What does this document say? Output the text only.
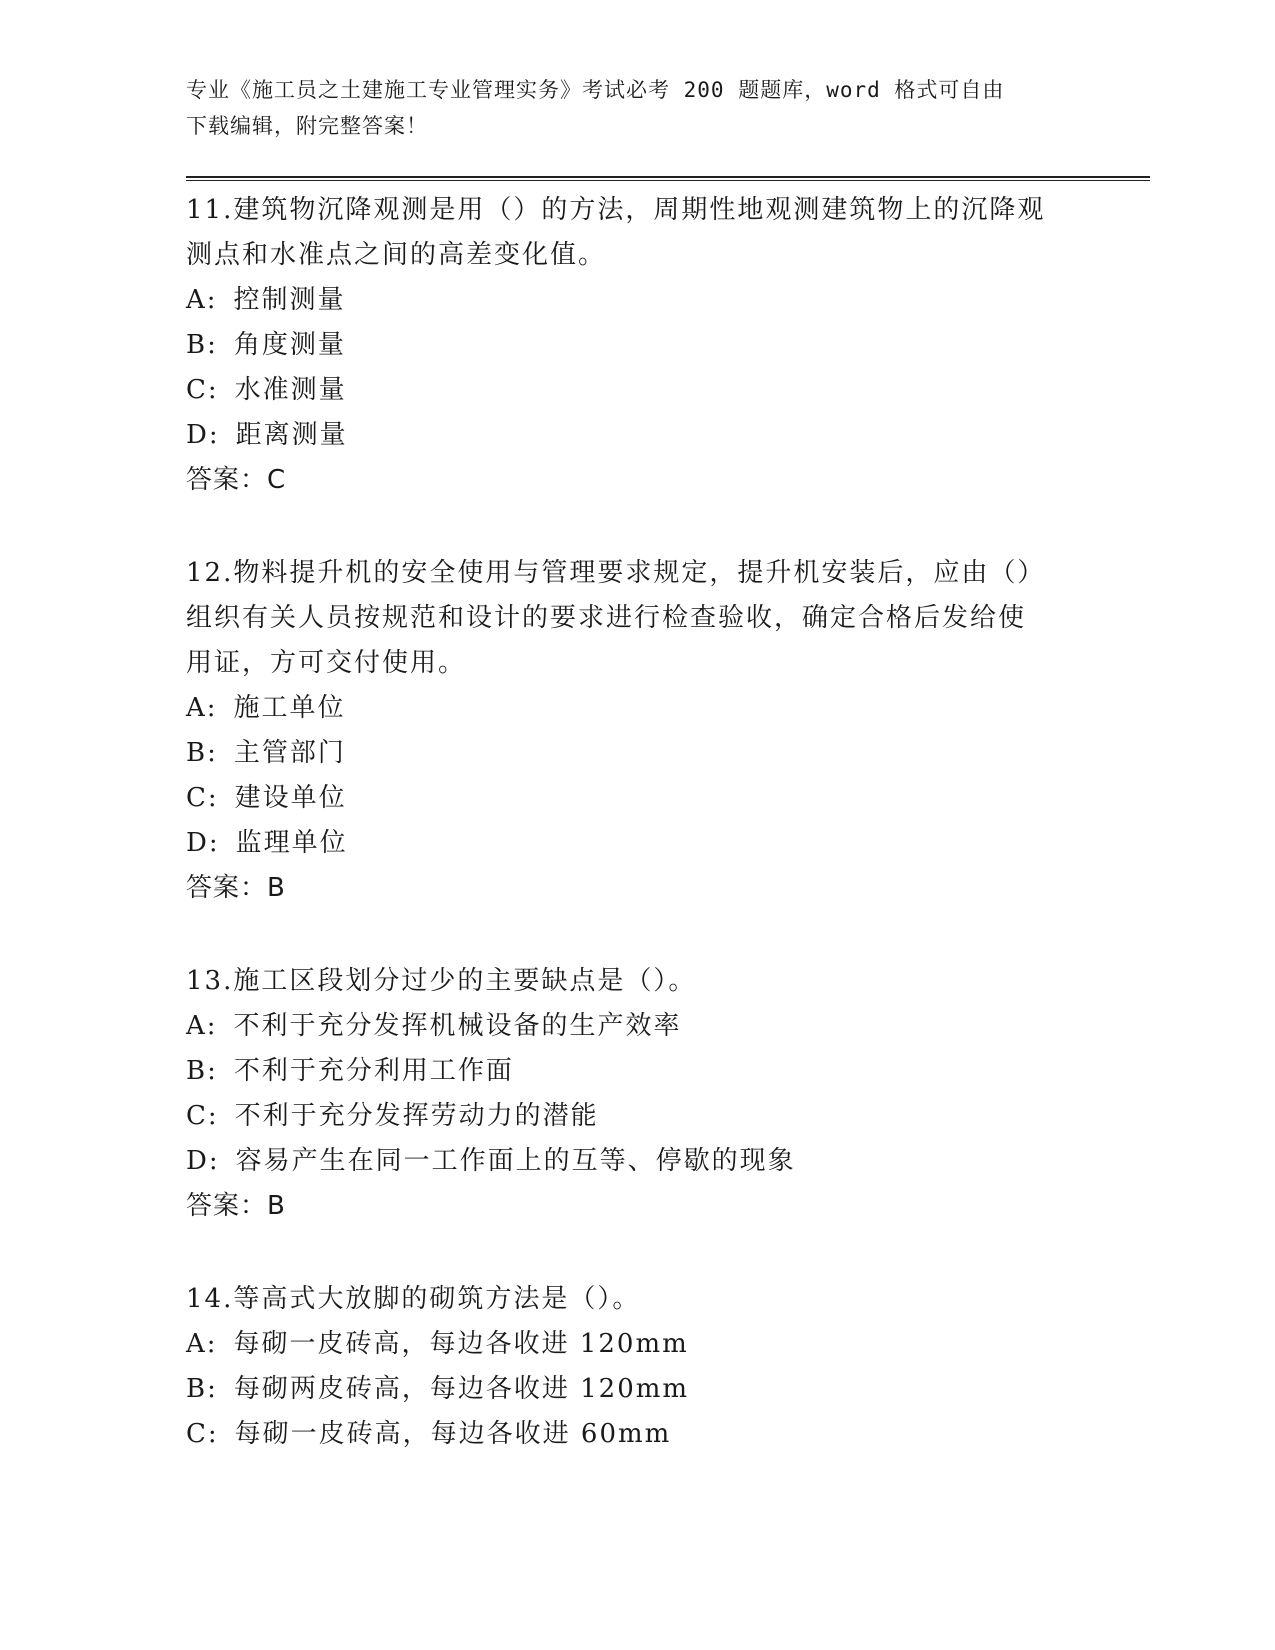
专业《施工员之土建施工专业管理实务》考试必考 200 题题库，word 格式可自由
下载编辑，附完整答案！
11.建筑物沉降观测是用（）的方法，周期性地观测建筑物上的沉降观
测点和水准点之间的高差变化值。
A: 控制测量
B: 角度测量
C: 水准测量
D: 距离测量
答案：C
12.物料提升机的安全使用与管理要求规定，提升机安装后，应由（）
组织有关人员按规范和设计的要求进行检查验收，确定合格后发给使
用证，方可交付使用。
A: 施工单位
B: 主管部门
C: 建设单位
D: 监理单位
答案：B
13.施工区段划分过少的主要缺点是（）。
A: 不利于充分发挥机械设备的生产效率
B: 不利于充分利用工作面
C: 不利于充分发挥劳动力的潜能
D: 容易产生在同一工作面上的互等、停歇的现象
答案：B
14.等高式大放脚的砌筑方法是（）。
A: 每砌一皮砖高，每边各收进 120mm
B: 每砌两皮砖高，每边各收进 120mm
C: 每砌一皮砖高，每边各收进 60mm
